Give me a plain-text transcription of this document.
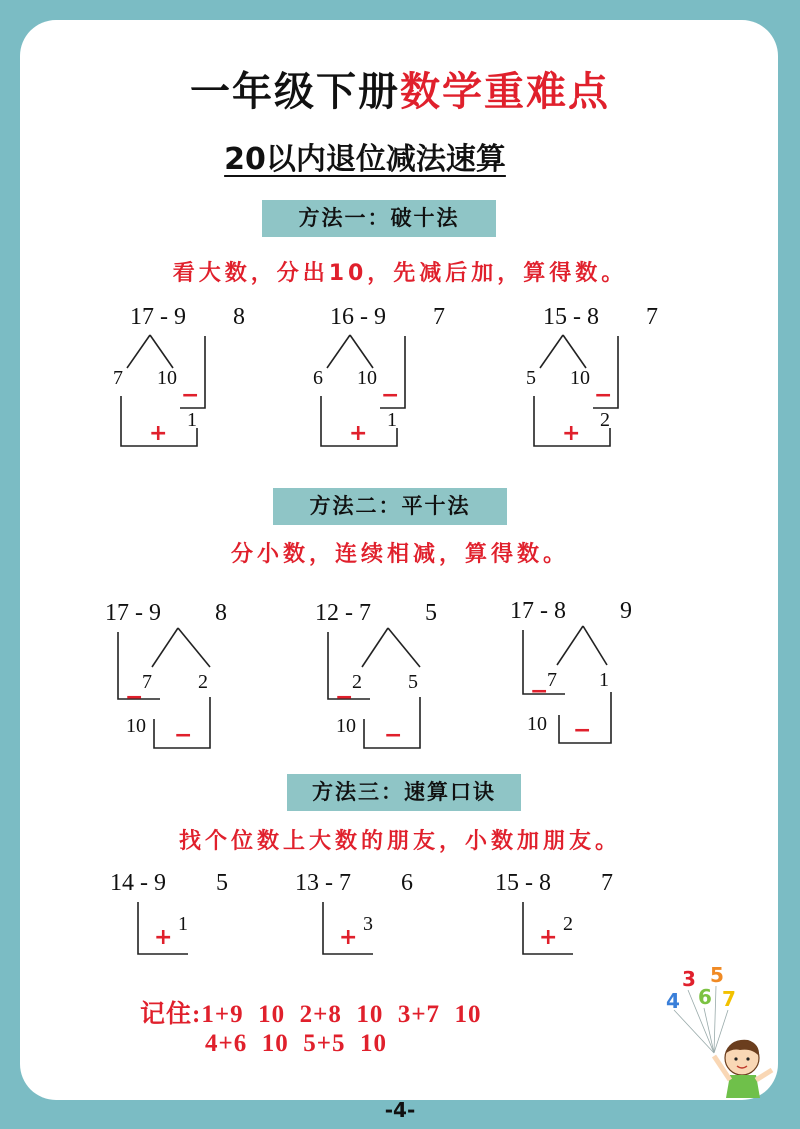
一年级下册数学重难点
20以内退位减法速算
方法一：破十法
看大数，分出10，先减后加，算得数。
17 - 9 8
7 10
−
+
1
16 - 9 7
6 10
−
+
1
15 - 8 7
5 10
−
+
2
方法二：平十法
分小数，连续相减，算得数。
17 - 9 8
7 2
−
10 −
12 - 7 5
2 5
−
10 −
17 - 8 9
7 1
−
10 −
方法三：速算口诀
找个位数上大数的朋友，小数加朋友。
14 - 9 5
+
1
13 - 7 6
+
3
15 - 8 7
+
2
记住:1+9  10  2+8  10  3+7  10
4+6  10  5+5  10
3
4
5
6 7
-4-
